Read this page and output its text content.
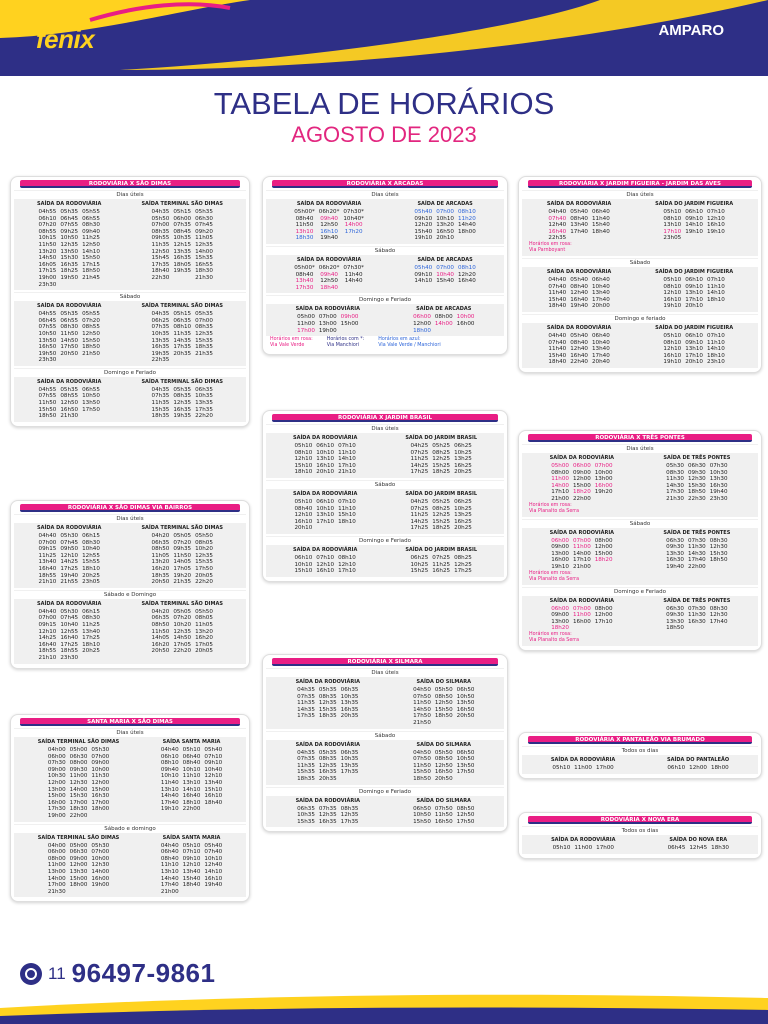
fênix	AMPARO
TABELA DE HORÁRIOS
AGOSTO DE 2023
RODOVIÁRIA X SÃO DIMAS
Dias úteis
SAÍDA DA RODOVIÁRIA
04h55
06h10
07h20
08h55
10h15
11h50
13h20
14h50
16h05
17h15
19h00
23h30
05h35
06h45
07h55
09h25
10h50
12h35
13h50
15h30
16h35
18h25
19h50
05h55
06h55
08h30
09h40
11h25
12h50
14h10
15h50
17h15
18h50
21h45
SAÍDA TERMINAL SÃO DIMAS
04h35
05h50
07h00
08h35
09h55
11h35
12h50
15h45
17h35
18h40
22h30
05h15
06h00
07h35
08h45
10h35
12h15
13h35
16h35
18h05
19h35
05h35
06h30
07h45
09h20
11h05
12h35
14h00
15h35
16h55
18h30
21h30
Sábado
SAÍDA DA RODOVIÁRIA
04h55
06h45
07h55
10h50
13h50
16h50
19h50
23h30
05h35
06h55
08h30
11h50
14h50
17h50
20h50
05h55
07h20
08h55
12h50
15h50
18h50
21h50
SAÍDA TERMINAL SÃO DIMAS
04h35
06h25
07h35
10h35
13h35
16h35
19h35
22h35
05h15
06h35
08h10
11h35
14h35
17h35
20h35
05h35
07h00
08h35
12h35
15h35
18h35
21h35
Domingo e Feriado
SAÍDA DA RODOVIÁRIA
04h55
07h55
11h50
15h50
18h50
05h35
08h55
12h50
16h50
21h30
06h55
10h50
13h50
17h50
SAÍDA TERMINAL SÃO DIMAS
04h35
07h35
11h35
15h35
18h35
05h35
08h35
12h35
16h35
19h35
06h35
10h35
13h35
17h35
22h20
RODOVIÁRIA X SÃO DIMAS VIA BAIRROS
Dias úteis
SAÍDA DA RODOVIÁRIA
04h40
07h00
09h15
11h25
13h40
16h40
18h55
21h10
05h30
07h45
09h50
12h10
14h25
17h25
19h40
21h55
06h15
08h30
10h40
12h55
15h55
18h10
20h25
23h05
SAÍDA TERMINAL SÃO DIMAS
04h20
06h35
08h50
11h05
13h20
16h20
18h35
20h50
05h05
07h20
09h35
11h50
14h05
17h05
19h20
21h35
05h50
08h05
10h20
12h35
15h35
17h50
20h05
22h20
Sábado e Domingo
SAÍDA DA RODOVIÁRIA
04h40
07h00
09h15
12h10
14h25
16h40
18h55
21h10
05h30
07h45
10h40
12h55
16h40
17h25
18h55
23h30
06h15
08h30
11h25
13h40
17h25
18h10
20h25
SAÍDA TERMINAL SÃO DIMAS
04h20
06h35
08h50
11h50
14h05
16h20
20h50
05h05
07h20
10h20
12h35
14h50
17h05
22h20
05h50
08h05
11h05
13h20
16h20
17h05
20h05
SANTA MARIA X SÃO DIMAS
Dias úteis
SAÍDA TERMINAL SÃO DIMAS
04h00
06h00
07h30
09h00
10h30
12h00
13h00
15h00
16h00
17h30
19h00
05h00
06h30
08h00
09h30
11h00
12h30
14h00
15h30
17h00
18h30
22h00
05h30
07h00
09h00
10h00
11h30
12h00
15h00
16h30
17h00
18h00
SAÍDA SANTA MARIA
04h40
06h10
08h10
09h40
10h10
11h40
13h10
14h40
17h40
19h10
05h10
06h40
08h40
10h10
11h10
13h10
14h10
16h40
18h10
22h00
05h40
07h10
09h10
10h40
12h10
13h40
15h10
16h10
18h40
Sábado e domingo
SAÍDA TERMINAL SÃO DIMAS
04h00
06h00
08h00
11h00
13h00
14h00
17h00
21h30
05h00
06h30
09h00
12h00
13h30
15h00
18h00
05h30
07h00
10h00
12h30
14h00
16h00
19h00
SAÍDA SANTA MARIA
04h40
06h40
08h40
11h10
13h10
14h40
17h40
21h00
05h10
07h10
09h10
12h10
13h40
15h40
18h40
05h40
07h40
10h10
12h40
14h10
16h10
19h40
RODOVIÁRIA X ARCADAS
Dias úteis
SAÍDA DA RODOVIÁRIA
05h00*
08h40
11h50
13h10
18h30
06h20*
09h40
12h50
16h10
19h40
07h30*
10h40*
14h00
17h20
SAÍDA DE ARCADAS
05h40
09h10
12h20
15h40
19h10
07h00
10h10
13h20
16h50
20h10
08h10
11h20
14h40
18h00
Sábado
SAÍDA DA RODOVIÁRIA
05h00*
08h40
13h40
17h30
06h20*
09h40
12h50
18h40
07h30*
11h40
14h40
SAÍDA DE ARCADAS
05h40
09h10
14h10
07h00
10h40
15h40
08h10
12h20
16h40
Domingo e Feriado
SAÍDA DA RODOVIÁRIA
05h00
11h00
17h00
07h00
13h00
19h00
09h00
15h00
SAÍDA DE ARCADAS
06h00
12h00
18h00
08h00
14h00
10h00
16h00
Horários em rosa:
Via Vale Verde
Horários com *:
Via Manchiori
Horários em azul:
Via Vale Verde / Manchiori
RODOVIÁRIA X JARDIM BRASIL
Dias úteis
SAÍDA DA RODOVIÁRIA
05h10
08h10
12h10
15h10
18h10
06h10
10h10
13h10
16h10
20h10
07h10
11h10
14h10
17h10
21h10
SAÍDA DO JARDIM BRASIL
04h25
07h25
11h25
14h25
17h25
05h25
08h25
12h25
15h25
18h25
06h25
10h25
13h25
16h25
20h25
Sábado
SAÍDA DA RODOVIÁRIA
05h10
08h40
12h10
16h10
20h10
06h10
10h10
13h10
17h10
07h10
11h10
15h10
18h10
SAÍDA DO JARDIM BRASIL
04h25
07h25
11h25
14h25
17h25
05h25
08h25
12h25
15h25
18h25
06h25
10h25
13h25
16h25
20h25
Domingo e Feriado
SAÍDA DA RODOVIÁRIA
06h10
10h10
15h10
07h10
12h10
16h10
08h10
12h10
17h10
SAÍDA DO JARDIM BRASIL
06h25
10h25
15h25
07h25
11h25
16h25
08h25
12h25
17h25
RODOVIÁRIA X SILMARA
Dias úteis
SAÍDA DA RODOVIÁRIA
04h35
07h35
11h35
14h35
17h35
05h35
08h35
12h35
15h35
18h35
06h35
10h35
13h35
16h35
20h35
SAÍDA DO SILMARA
04h50
07h50
11h50
14h50
17h50
21h50
05h50
08h50
12h50
15h50
18h50
06h50
10h50
13h50
16h50
20h50
Sábado
SAÍDA DA RODOVIÁRIA
04h35
07h35
11h35
15h35
18h35
05h35
08h35
12h35
16h35
20h35
06h35
10h35
13h35
17h35
SAÍDA DO SILMARA
04h50
07h50
11h50
15h50
18h50
05h50
08h50
12h50
16h50
20h50
06h50
10h50
13h50
17h50
Domingo e Feriado
SAÍDA DA RODOVIÁRIA
06h35
10h35
15h35
07h35
12h35
16h35
08h35
12h35
17h35
SAÍDA DO SILMARA
06h50
10h50
15h50
07h50
11h50
16h50
08h50
12h50
17h50
RODOVIÁRIA X JARDIM FIGUEIRA - JARDIM DAS AVES
Dias úteis
SAÍDA DA RODOVIÁRIA
04h40
07h40
12h40
16h40
22h35
05h40
08h40
13h40
17h40
06h40
11h40
15h40
18h40
SAÍDA DO JARDIM FIGUEIRA
05h10
08h10
13h10
17h10
23h05
06h10
09h10
14h10
19h10
07h10
12h10
16h10
19h10
Horários em rosa:
Via Parnboyant
Sábado
SAÍDA DA RODOVIÁRIA
04h40
07h40
11h40
15h40
18h40
05h40
08h40
12h40
16h40
19h40
06h40
10h40
13h40
17h40
20h00
SAÍDA DO JARDIM FIGUEIRA
05h10
08h10
12h10
16h10
19h10
06h10
09h10
13h10
17h10
20h10
07h10
11h10
14h10
18h10
Domingo e feriado
SAÍDA DA RODOVIÁRIA
04h40
07h40
11h40
15h40
18h40
05h40
08h40
12h40
16h40
22h40
06h40
10h40
13h40
17h40
20h40
SAÍDA DO JARDIM FIGUEIRA
05h10
08h10
12h10
16h10
19h10
06h10
09h10
13h10
17h10
20h10
07h10
11h10
14h10
18h10
23h10
RODOVIÁRIA X TRÊS PONTES
Dias úteis
SAÍDA DA RODOVIÁRIA
05h00
08h00
11h00
14h00
17h10
21h00
06h00
09h00
12h00
15h00
18h20
22h00
07h00
10h00
13h00
16h00
19h20
SAÍDA DE TRÊS PONTES
05h30
08h30
11h30
14h30
17h30
21h30
06h30
09h30
12h30
15h30
18h50
22h30
07h30
10h30
13h30
16h30
19h40
23h30
Horários em rosa:
Via Planalto da Serra
Sábado
SAÍDA DA RODOVIÁRIA
06h00
09h00
13h00
16h00
19h10
07h00
11h00
14h00
17h10
21h00
08h00
12h00
15h00
18h20
SAÍDA DE TRÊS PONTES
06h30
09h30
13h30
16h30
19h40
07h30
11h30
14h30
17h40
22h00
08h30
12h30
15h30
18h50
Horários em rosa:
Via Planalto da Serra
Domingo e Feriado
SAÍDA DA RODOVIÁRIA
06h00
09h00
13h00
18h20
07h00
11h00
16h00
08h00
12h00
17h10
SAÍDA DE TRÊS PONTES
06h30
09h30
13h30
18h50
07h30
11h30
16h30
08h30
12h30
17h40
Horários em rosa:
Via Planalto da Serra
RODOVIÁRIA X PANTALEÃO VIA BRUMADO
Todos os dias
SAÍDA DA RODOVIÁRIA
05h10 11h00 17h00
SAÍDA DO PANTALEÃO
06h10 12h00 18h00
RODOVIÁRIA X NOVA ERA
Todos os dias
SAÍDA DA RODOVIÁRIA
05h10 11h00 17h00
SAÍDA DO NOVA ERA
06h45 12h45 18h30
11 96497-9861
